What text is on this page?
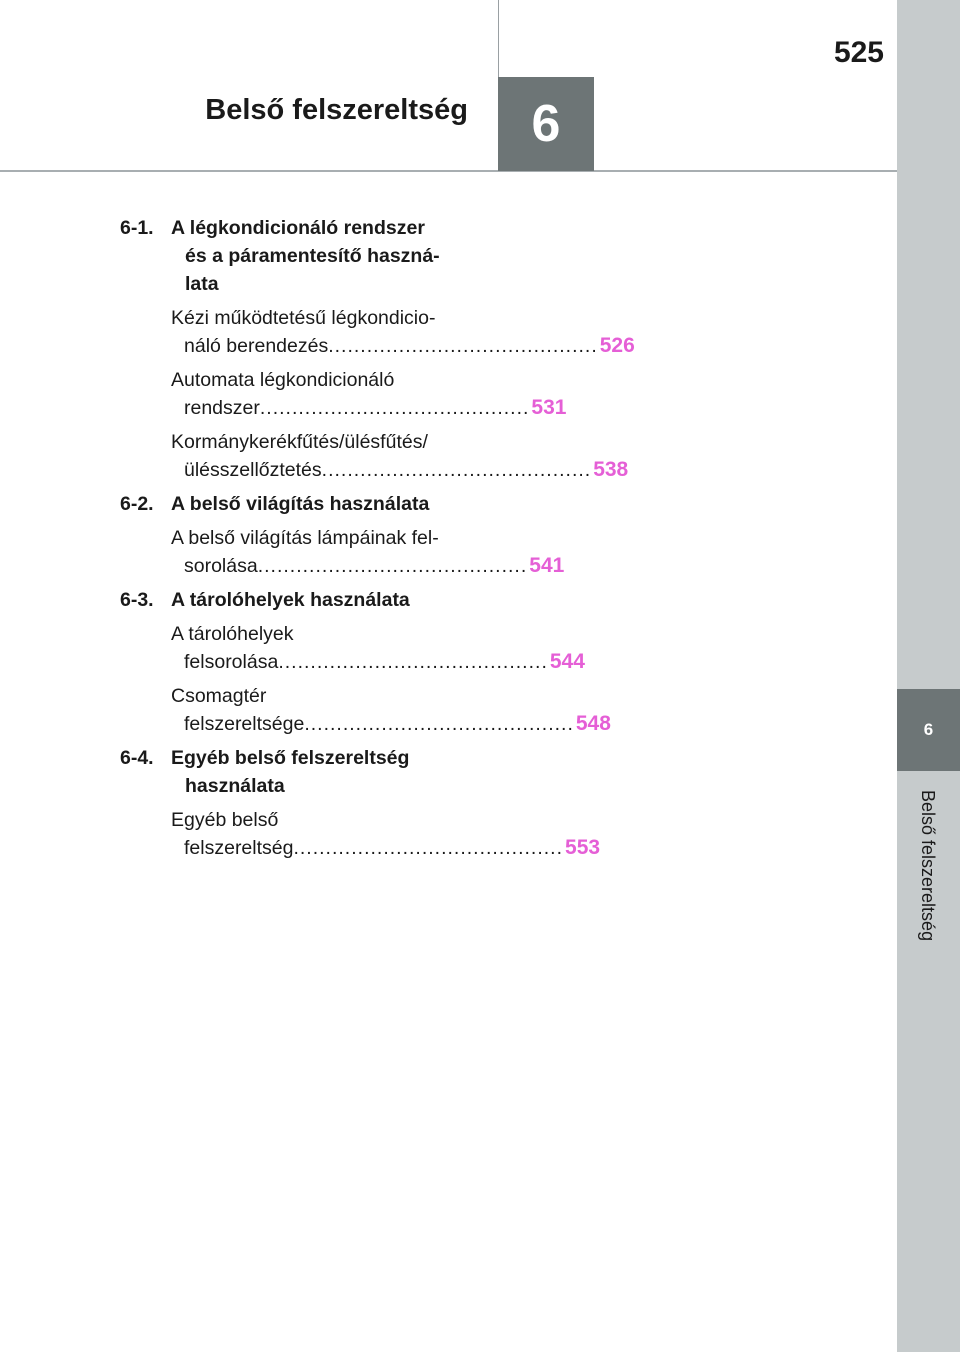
525
Belső felszereltség	6
6
Belső felszereltség
6-1. A légkondicionáló rendszer
és a páramentesítő haszná-
lata
Kézi működtetésű légkondicio-
náló berendezés .......................................... 526
Automata légkondicionáló
rendszer .......................................... 531
Kormánykerékfűtés/ülésfűtés/
ülésszellőztetés .......................................... 538
6-2. A belső világítás használata
A belső világítás lámpáinak fel-
sorolása .......................................... 541
6-3. A tárolóhelyek használata
A tárolóhelyek
felsorolása .......................................... 544
Csomagtér
felszereltsége .......................................... 548
6-4. Egyéb belső felszereltség
használata
Egyéb belső
felszereltség .......................................... 553
